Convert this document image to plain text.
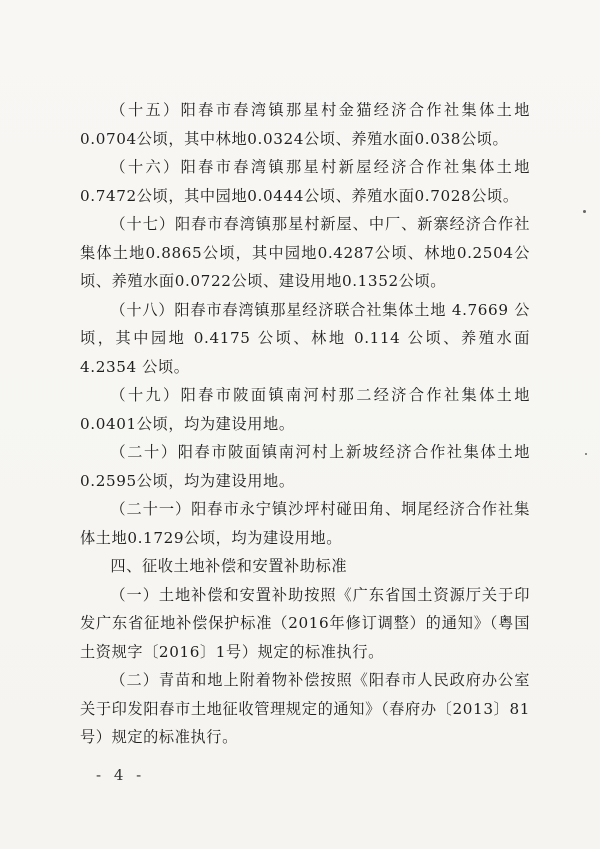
（十五）阳春市春湾镇那星村金猫经济合作社集体土地0.0704公顷，其中林地0.0324公顷、养殖水面0.038公顷。

（十六）阳春市春湾镇那星村新屋经济合作社集体土地0.7472公顷，其中园地0.0444公顷、养殖水面0.7028公顷。

（十七）阳春市春湾镇那星村新屋、中厂、新寨经济合作社集体土地0.8865公顷，其中园地0.4287公顷、林地0.2504公顷、养殖水面0.0722公顷、建设用地0.1352公顷。

（十八）阳春市春湾镇那星经济联合社集体土地 4.7669 公顷，其中园地 0.4175 公顷、林地 0.114 公顷、养殖水面 4.2354 公顷。

（十九）阳春市陂面镇南河村那二经济合作社集体土地0.0401公顷，均为建设用地。

（二十）阳春市陂面镇南河村上新坡经济合作社集体土地0.2595公顷，均为建设用地。

（二十一）阳春市永宁镇沙坪村碰田角、垌尾经济合作社集体土地0.1729公顷，均为建设用地。

四、征收土地补偿和安置补助标准

（一）土地补偿和安置补助按照《广东省国土资源厅关于印发广东省征地补偿保护标准（2016年修订调整）的通知》（粤国土资规字〔2016〕1号）规定的标准执行。

（二）青苗和地上附着物补偿按照《阳春市人民政府办公室关于印发阳春市土地征收管理规定的通知》（春府办〔2013〕81号）规定的标准执行。

- 4 -
